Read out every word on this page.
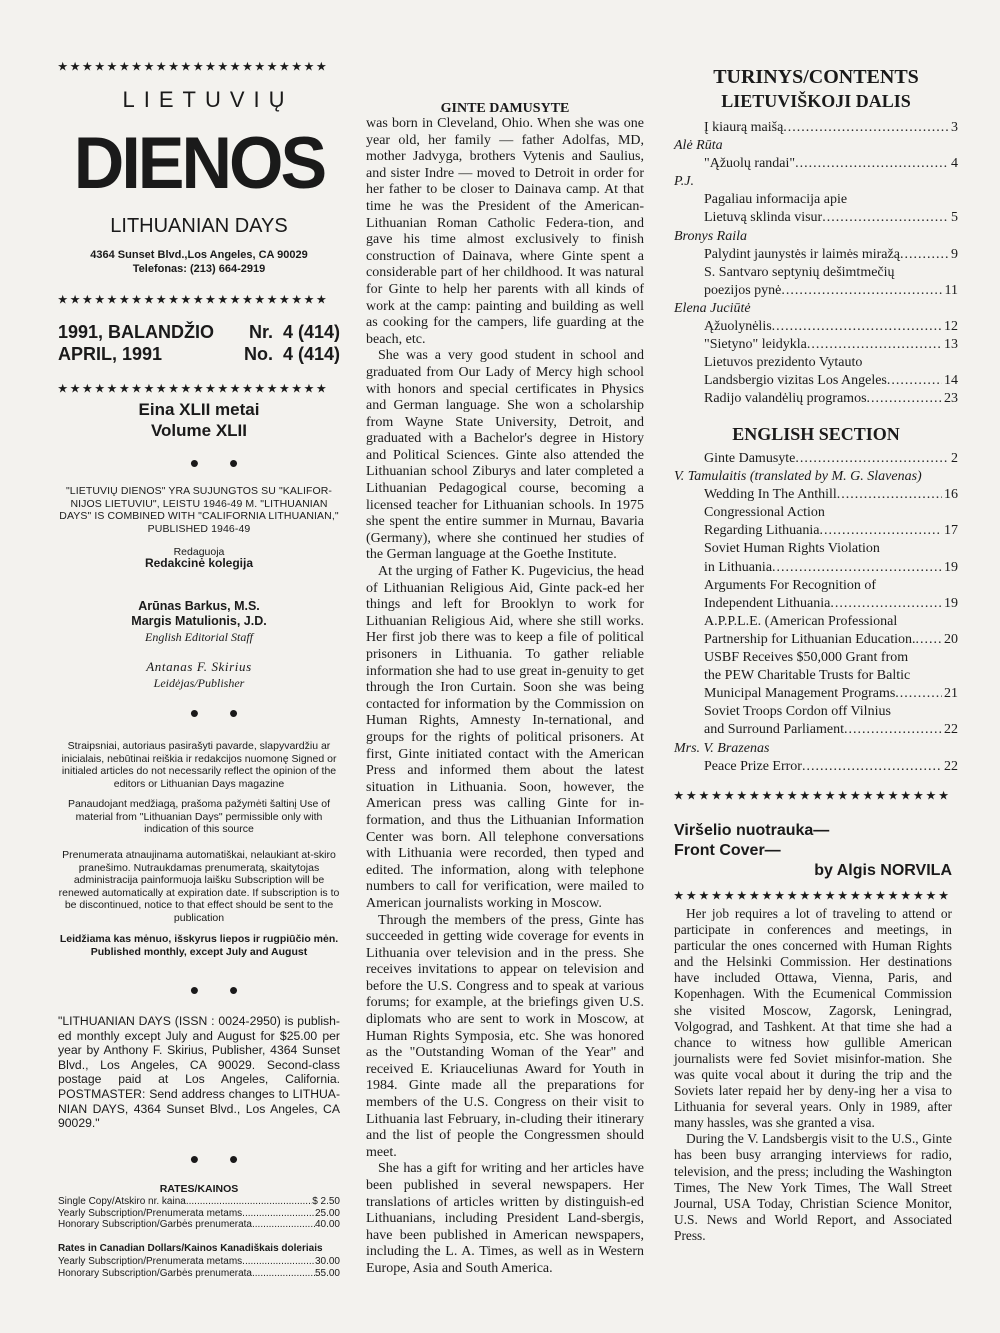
★★★★★★★★★★★★★★★★★★★★★★
LIETUVIŲ
DIENOS
LITHUANIAN DAYS
4364 Sunset Blvd.,Los Angeles, CA 90029
Telefonas: (213) 664-2919
★★★★★★★★★★★★★★★★★★★★★★
1991, BALANDŽIO Nr.  4 (414)
APRIL, 1991	No.  4 (414)
★★★★★★★★★★★★★★★★★★★★★★
Eina XLII metai
Volume XLII
••
"LIETUVIŲ DIENOS" YRA SUJUNGTOS SU "KALIFOR-NIJOS LIETUVIU", LEISTU 1946-49 M. "LITHUANIAN DAYS" IS COMBINED WITH "CALIFORNIA LITHUANIAN," PUBLISHED 1946-49
Redaguoja
Redakcinė kolegija
Arūnas Barkus, M.S.
Margis Matulionis, J.D.
English Editorial Staff
Antanas F. Skirius
Leidėjas/Publisher
••
Straipsniai, autoriaus pasirašyti pavarde, slapyvardžiu ar inicialais, nebūtinai reiškia ir redakcijos nuomonę Signed or initialed articles do not necessarily reflect the opinion of the editors or Lithuanian Days magazine
Panaudojant medžiagą, prašoma pažymėti šaltinį Use of material from "Lithuanian Days" permissible only with indication of this source
Prenumerata atnaujinama automatiškai, nelaukiant at-skiro pranešimo. Nutraukdamas prenumeratą, skaitytojas administracija painformuoja laišku Subscription will be renewed automatically at expiration date. If subscription is to be discontinued, notice to that effect should be sent to the publication
Leidžiama kas mėnuo, išskyrus liepos ir rugpiūčio mėn. Published monthly, except July and August
••
"LITHUANIAN DAYS (ISSN : 0024-2950) is publish-ed monthly except July and August for $25.00 per year by Anthony F. Skirius, Publisher, 4364 Sunset Blvd., Los Angeles, CA 90029. Second-class postage paid at Los Angeles, California. POSTMASTER: Send address changes to LITHUA-NIAN DAYS, 4364 Sunset Blvd., Los Angeles, CA 90029."
••
RATES/KAINOS
Single Copy/Atskiro nr. kaina .....	$ 2.50
Yearly Subscription/Prenumerata metams .....	25.00
Honorary Subscription/Garbės prenumerata .....	40.00
Rates in Canadian Dollars/Kainos Kanadiškais doleriais
Yearly Subscription/Prenumerata metams .....	30.00
Honorary Subscription/Garbės prenumerata .....	55.00
GINTE DAMUSYTE

was born in Cleveland, Ohio. When she was one year old, her family — father Adolfas, MD, mother Jadvyga, brothers Vytenis and Saulius, and sister Indre — moved to Detroit in order for her father to be closer to Dainava camp. At that time he was the President of the American-Lithuanian Roman Catholic Federa-tion, and gave his time almost exclusively to finish construction of Dainava, where Ginte spent a considerable part of her childhood. It was natural for Ginte to help her parents with all kinds of work at the camp: painting and building as well as cooking for the campers, life guarding at the beach, etc.

She was a very good student in school and graduated from Our Lady of Mercy high school with honors and special certificates in Physics and German language. She won a scholarship from Wayne State University, Detroit, and graduated with a Bachelor's degree in History and Political Sciences. Ginte also attended the Lithuanian school Ziburys and later completed a Lithuanian Pedagogical course, becoming a licensed teacher for Lithuanian schools. In 1975 she spent the entire summer in Murnau, Bavaria (Germany), where she continued her studies of the German language at the Goethe Institute.

At the urging of Father K. Pugevicius, the head of Lithuanian Religious Aid, Ginte pack-ed her things and left for Brooklyn to work for Lithuanian Religious Aid, where she still works. Her first job there was to keep a file of political prisoners in Lithuania. To gather reliable information she had to use great in-genuity to get through the Iron Curtain. Soon she was being contacted for information by the Commission on Human Rights, Amnesty In-ternational, and groups for the rights of political prisoners. At first, Ginte initiated contact with the American Press and informed them about the latest situation in Lithuania. Soon, however, the American press was calling Ginte for in-formation, and thus the Lithuanian Information Center was born. All telephone conversations with Lithuania were recorded, then typed and edited. The information, along with telephone numbers to call for verification, were mailed to American journalists working in Moscow.

Through the members of the press, Ginte has succeeded in getting wide coverage for events in Lithuania over television and in the press. She receives invitations to appear on television and before the U.S. Congress and to speak at various forums; for example, at the briefings given U.S. diplomats who are sent to work in Moscow, at Human Rights Symposia, etc. She was honored as the "Outstanding Woman of the Year" and received E. Kriauceliunas Award for Youth in 1984. Ginte made all the preparations for members of the U.S. Congress on their visit to Lithuania last February, in-cluding their itinerary and the list of people the Congressmen should meet.

She has a gift for writing and her articles have been published in several newspapers. Her translations of articles written by distinguish-ed Lithuanians, including President Land-sbergis, have been published in American newspapers, including the L. A. Times, as well as in Western Europe, Asia and South America.

TURINYS/CONTENTS
LIETUVIŠKOJI DALIS
Į kiaurą maišą .....	3
Alė Rūta
"Ąžuolų randai" .....	4
P.J.
Pagaliau informacija apie
Lietuvą sklinda visur .....	5
Bronys Raila
Palydint jaunystės ir laimės miražą .....	9
S. Santvaro septynių dešimtmečių
poezijos pynė .....	11
Elena Juciūtė
Ąžuolynėlis .....	12
"Sietyno" leidykla .....	13
Lietuvos prezidento Vytauto
Landsbergio vizitas Los Angeles .....	14
Radijo valandėlių programos .....	23
ENGLISH SECTION
Ginte Damusyte .....	2
V. Tamulaitis (translated by M. G. Slavenas)
Wedding In The Anthill .....	16
Congressional Action
Regarding Lithuania .....	17
Soviet Human Rights Violation
in Lithuania .....	19
Arguments For Recognition of
Independent Lithuania .....	19
A.P.P.L.E. (American Professional
Partnership for Lithuanian Education. ..... 20
USBF Receives $50,000 Grant from
the PEW Charitable Trusts for Baltic
Municipal Management Programs .....	21
Soviet Troops Cordon off Vilnius
and Surround Parliament .....	22
Mrs. V. Brazenas
Peace Prize Error .....	22
★★★★★★★★★★★★★★★★★★★★★★
Viršelio nuotrauka—
Front Cover—
by Algis NORVILA
★★★★★★★★★★★★★★★★★★★★★★

Her job requires a lot of traveling to attend or participate in conferences and meetings, in particular the ones concerned with Human Rights and the Helsinki Commission. Her destinations have included Ottawa, Vienna, Paris, and Kopenhagen. With the Ecumenical Commission she visited Moscow, Zagorsk, Leningrad, Volgograd, and Tashkent. At that time she had a chance to witness how gullible American journalists were fed Soviet misinfor-mation. She was quite vocal about it during the trip and the Soviets later repaid her by deny-ing her a visa to Lithuania for several years. Only in 1989, after many hassles, was she granted a visa.

During the V. Landsbergis visit to the U.S., Ginte has been busy arranging interviews for radio, television, and the press; including the Washington Times, The New York Times, The Wall Street Journal, USA Today, Christian Science Monitor, U.S. News and World Report, and Associated Press.
